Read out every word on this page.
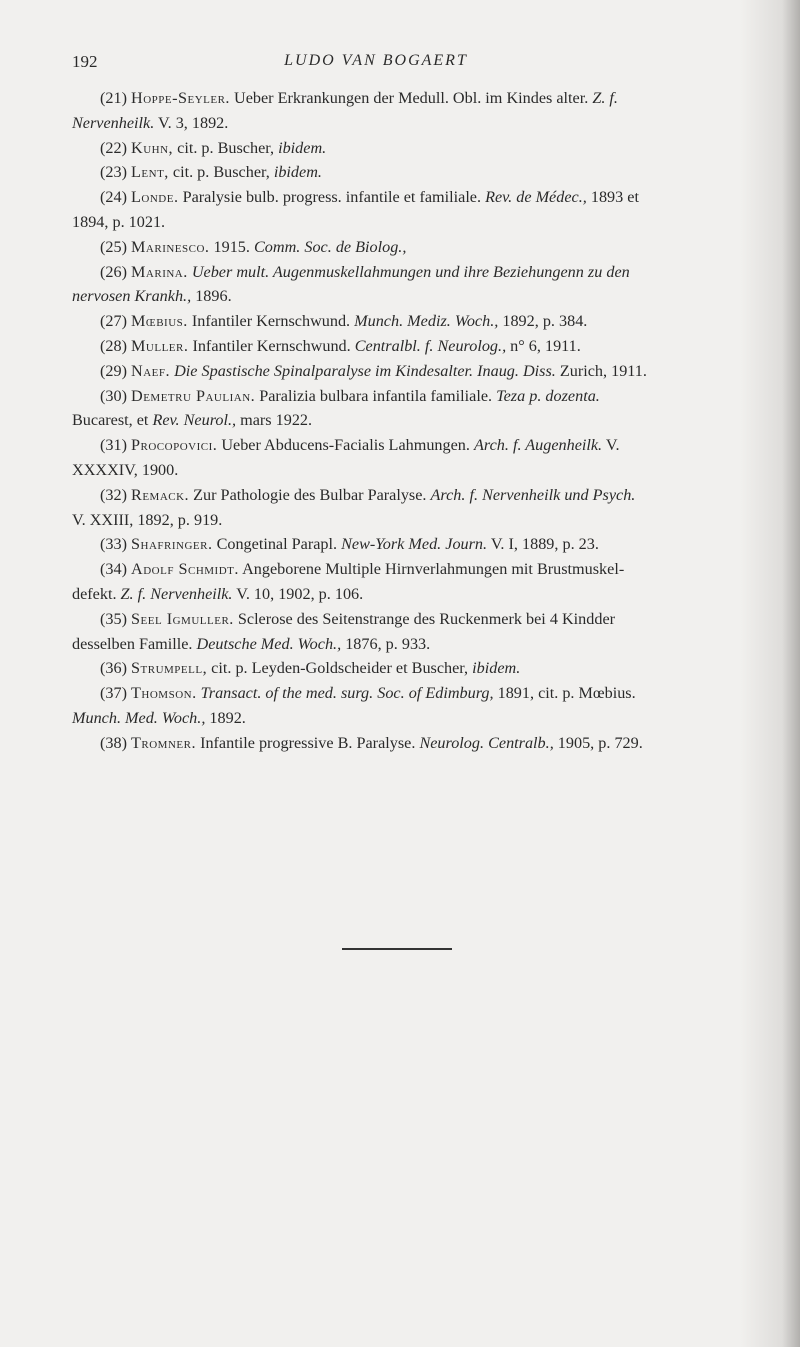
192	LUDO VAN BOGAERT

(21) Hoppe-Seyler. Ueber Erkrankungen der Medull. Obl. im Kindes alter. Z. f.
Nervenheilk. V. 3, 1892.

(22) Kuhn, cit. p. Buscher, ibidem.

(23) Lent, cit. p. Buscher, ibidem.

(24) Londe. Paralysie bulb. progress. infantile et familiale. Rev. de Médec., 1893 et
1894, p. 1021.

(25) Marinesco. 1915. Comm. Soc. de Biolog.,

(26) Marina. Ueber mult. Augenmuskellahmungen und ihre Beziehungenn zu den
nervosen Krankh., 1896.

(27) Mœbius. Infantiler Kernschwund. Munch. Mediz. Woch., 1892, p. 384.

(28) Muller. Infantiler Kernschwund. Centralbl. f. Neurolog., n° 6, 1911.

(29) Naef. Die Spastische Spinalparalyse im Kindesalter. Inaug. Diss. Zurich, 1911.

(30) Demetru Paulian. Paralizia bulbara infantila familiale. Teza p. dozenta.
Bucarest, et Rev. Neurol., mars 1922.

(31) Procopovici. Ueber Abducens-Facialis Lahmungen. Arch. f. Augenheilk. V.
XXXXIV, 1900.

(32) Remack. Zur Pathologie des Bulbar Paralyse. Arch. f. Nervenheilk und Psych.
V. XXIII, 1892, p. 919.

(33) Shafringer. Congetinal Parapl. New-York Med. Journ. V. I, 1889, p. 23.

(34) Adolf Schmidt. Angeborene Multiple Hirnverlahmungen mit Brustmuskel-
defekt. Z. f. Nervenheilk. V. 10, 1902, p. 106.

(35) Seel Igmuller. Sclerose des Seitenstrange des Ruckenmerk bei 4 Kindder
desselben Famille. Deutsche Med. Woch., 1876, p. 933.

(36) Strumpell, cit. p. Leyden-Goldscheider et Buscher, ibidem.

(37) Thomson. Transact. of the med. surg. Soc. of Edimburg, 1891, cit. p. Mœbius.
Munch. Med. Woch., 1892.

(38) Tromner. Infantile progressive B. Paralyse. Neurolog. Centralb., 1905, p. 729.
